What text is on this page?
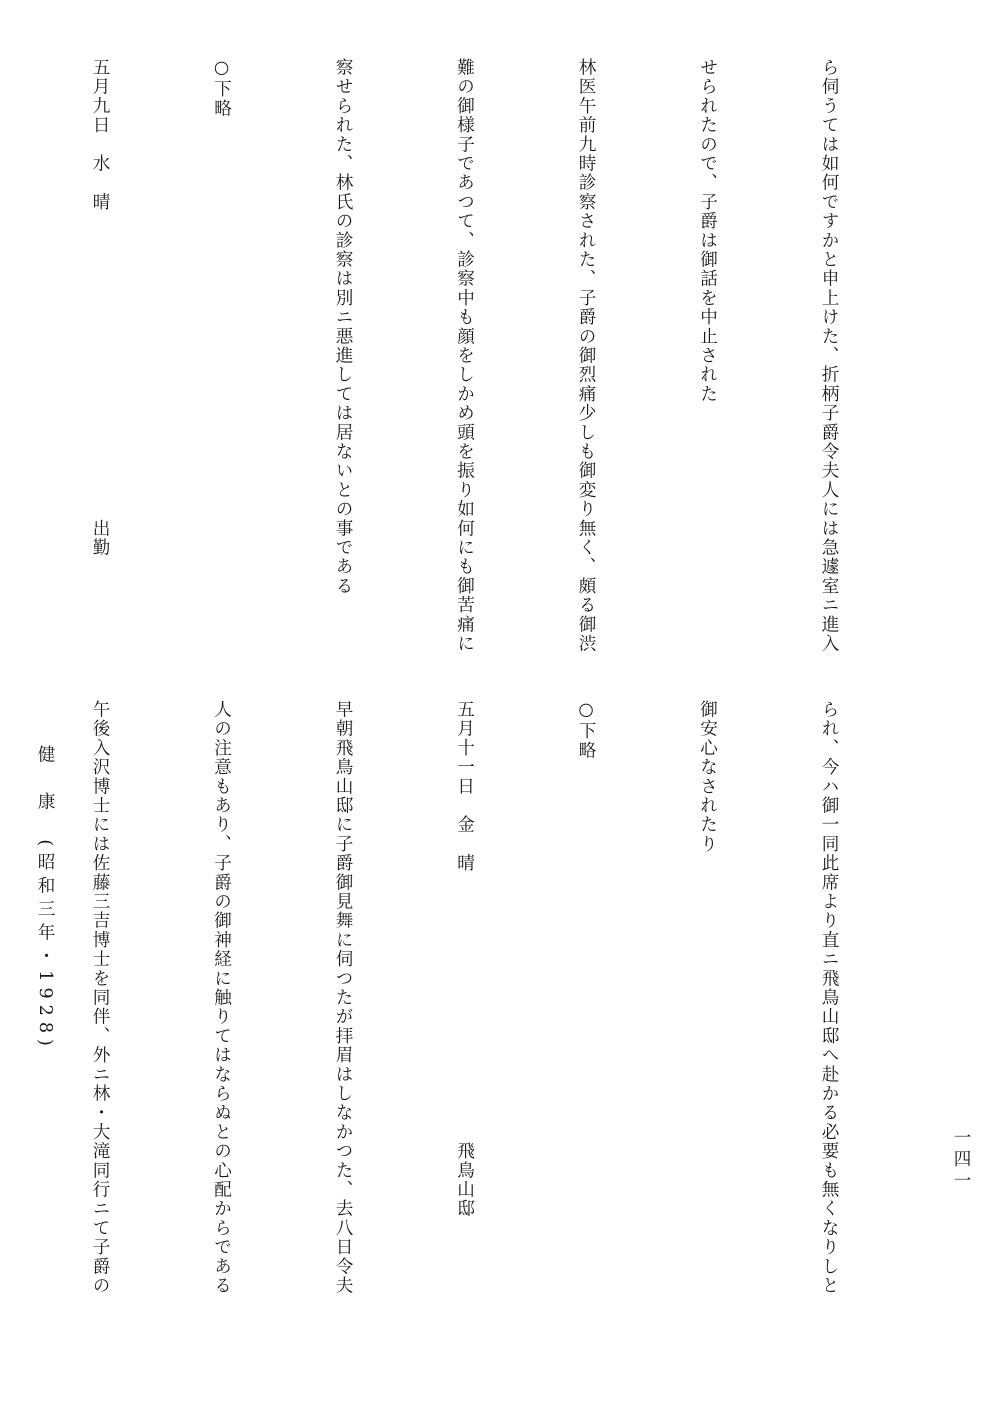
ら伺うては如何ですかと申上けた、折柄子爵令夫人には急遽室ニ進入

せられたので、子爵は御話を中止された

林医午前九時診察された、子爵の御烈痛少しも御変り無く、頗る御渋

難の御様子であつて、診察中も顔をしかめ頭を振り如何にも御苦痛に

察せられた、林氏の診察は別ニ悪進しては居ないとの事である

○下略

五月九日　水　晴　　　　　　　　　　　　　　　　出勤

られ、今ハ御一同此席より直ニ飛鳥山邸へ赴かる必要も無くなりしと

御安心なされたり

○下略

五月十一日　金　晴　　　　　　　　　　　　　　飛鳥山邸

早朝飛鳥山邸に子爵御見舞に伺つたが拝眉はしなかつた、去八日令夫

人の注意もあり、子爵の御神経に触りてはならぬとの心配からである

午後入沢博士には佐藤三吉博士を同伴、外ニ林・大滝同行ニて子爵の

健　康　(昭和三年・1928)
一四一
